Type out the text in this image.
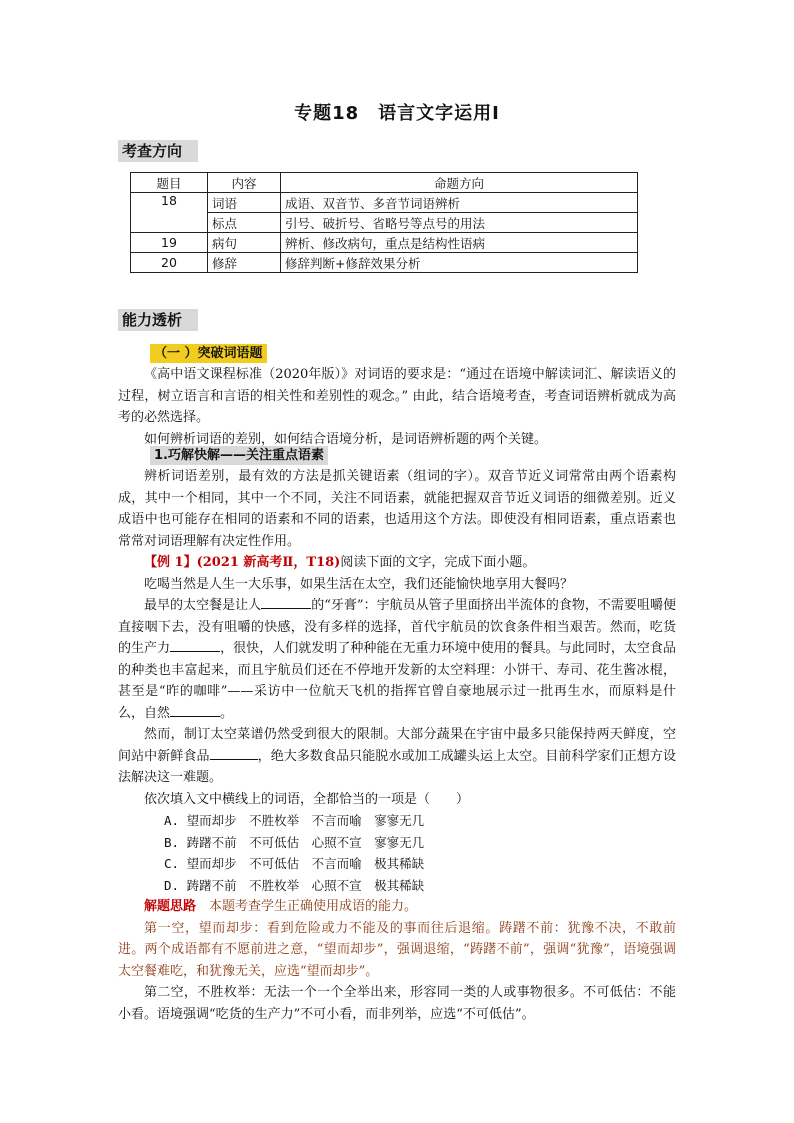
专题18　语言文字运用Ⅰ
考查方向
题目	内容	命题方向
18	词语	成语、双音节、多音节词语辨析
	标点	引号、破折号、省略号等点号的用法
19	病句	辨析、修改病句，重点是结构性语病
20	修辞	修辞判断+修辞效果分析
能力透析
（一 ）突破词语题

《高中语文课程标准（2020年版）》对词语的要求是：“通过在语境中解读词汇、解读语义的过程，树立语言和言语的相关性和差别性的观念。” 由此，结合语境考查，考查词语辨析就成为高考的必然选择。

如何辨析词语的差别，如何结合语境分析，是词语辨析题的两个关键。

1.巧解快解——关注重点语素

辨析词语差别，最有效的方法是抓关键语素（组词的字）。双音节近义词常常由两个语素构成，其中一个相同，其中一个不同，关注不同语素，就能把握双音节近义词语的细微差别。近义成语中也可能存在相同的语素和不同的语素，也适用这个方法。即使没有相同语素，重点语素也常常对词语理解有决定性作用。

【例 1】(2021 新高考Ⅱ，T18)阅读下面的文字，完成下面小题。

吃喝当然是人生一大乐事，如果生活在太空，我们还能愉快地享用大餐吗？

最早的太空餐是让人	的“牙膏”：宇航员从管子里面挤出半流体的食物，不需要咀嚼便直接咽下去，没有咀嚼的快感，没有多样的选择，首代宇航员的饮食条件相当艰苦。然而，吃货的生产力	，很快，人们就发明了种种能在无重力环境中使用的餐具。与此同时，太空食品的种类也丰富起来，而且宇航员们还在不停地开发新的太空料理：小饼干、寿司、花生酱冰棍，甚至是“昨的咖啡”——采访中一位航天飞机的指挥官曾自豪地展示过一批再生水，而原料是什么，自然	。

然而，制订太空菜谱仍然受到很大的限制。大部分蔬果在宇宙中最多只能保持两天鲜度，空间站中新鲜食品	，绝大多数食品只能脱水或加工成罐头运上太空。目前科学家们正想方设法解决这一难题。

依次填入文中横线上的词语，全都恰当的一项是（　　）

A. 望而却步　不胜枚举　不言而喻　寥寥无几

B. 踌躇不前　不可低估　心照不宣　寥寥无几

C. 望而却步　不可低估　不言而喻　极其稀缺

D. 踌躇不前　不胜枚举　心照不宣　极其稀缺

解题思路　本题考查学生正确使用成语的能力。

第一空，望而却步：看到危险或力不能及的事而往后退缩。踌躇不前：犹豫不决，不敢前进。两个成语都有不愿前进之意，“望而却步”，强调退缩，“踌躇不前”，强调“犹豫”，语境强调太空餐难吃，和犹豫无关，应选“望而却步”。

第二空，不胜枚举：无法一个一个全举出来，形容同一类的人或事物很多。不可低估：不能小看。语境强调“吃货的生产力”不可小看，而非列举，应选“不可低估”。
